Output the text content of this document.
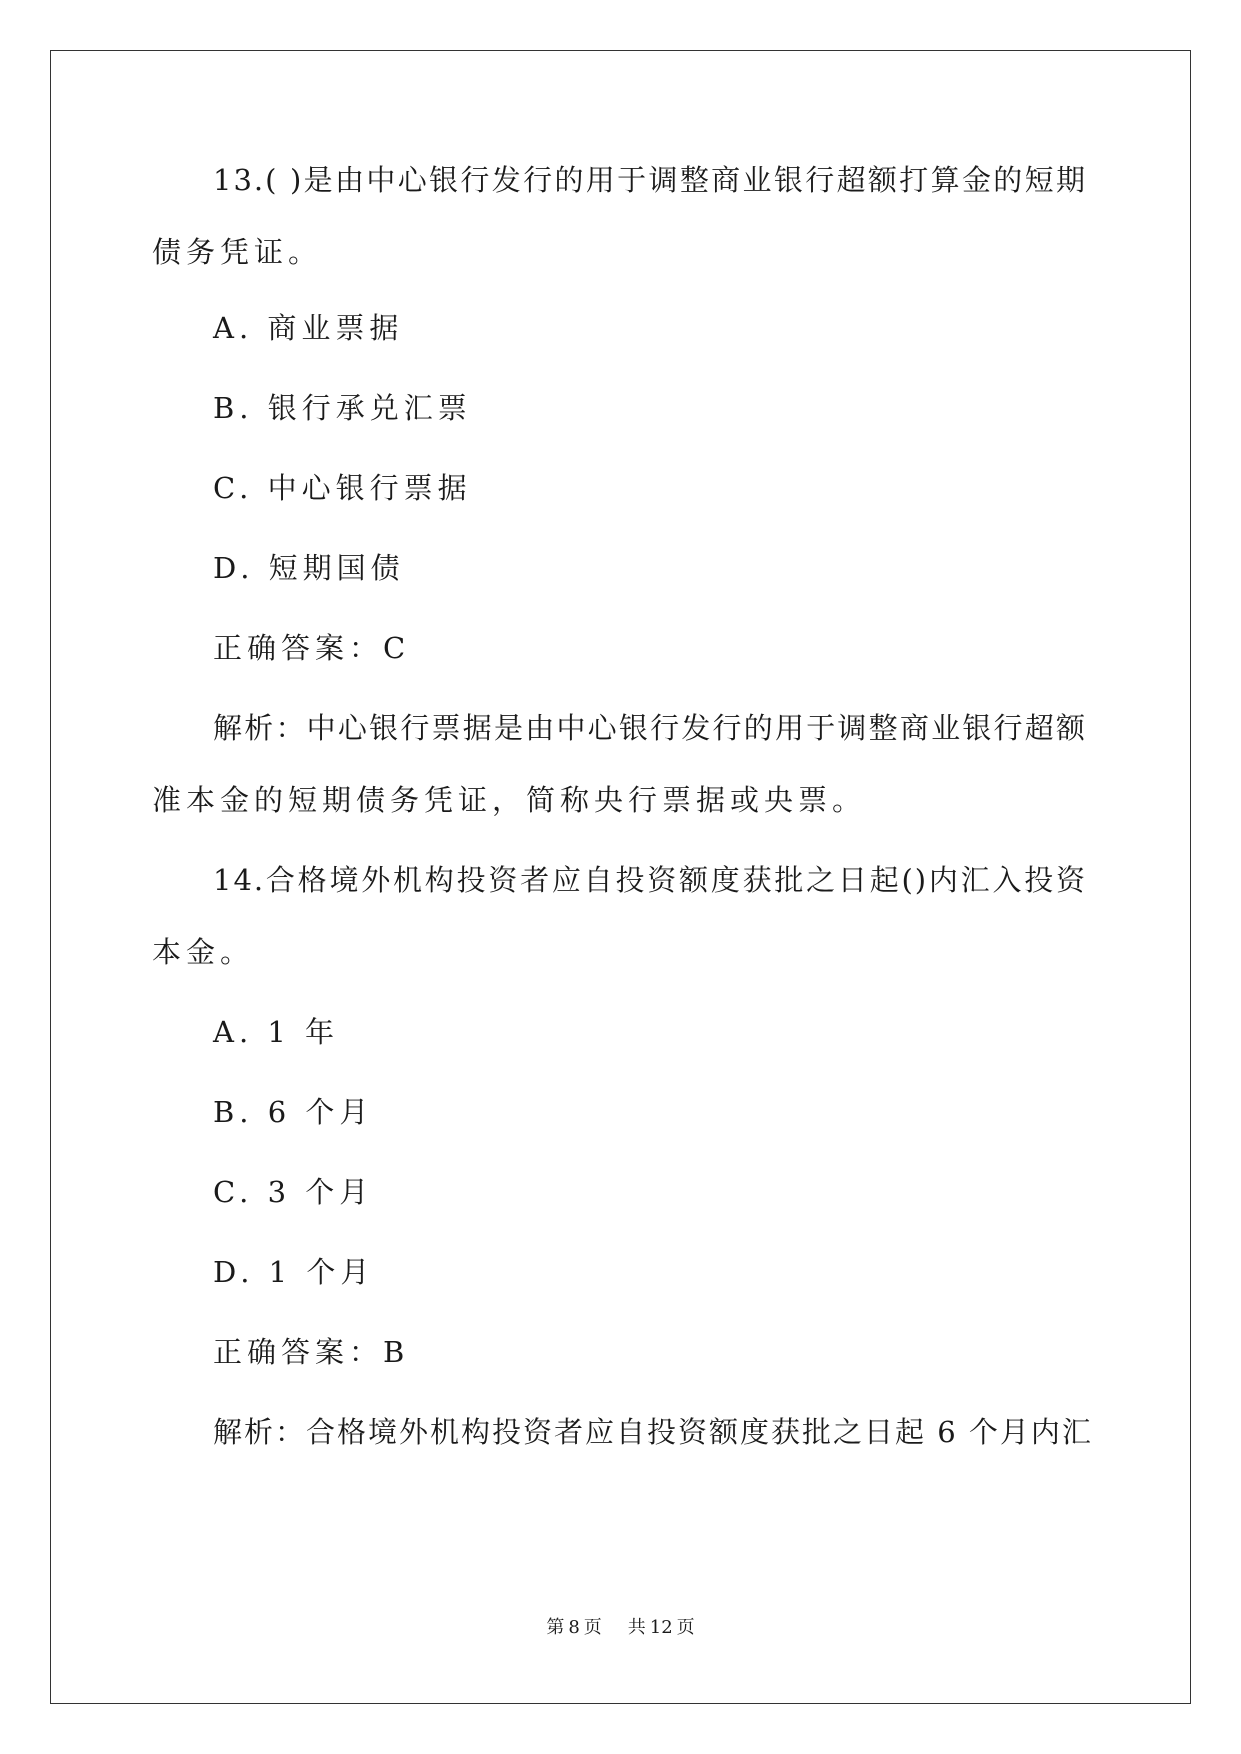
13.( )是由中心银行发行的用于调整商业银行超额打算金的短期
债务凭证。
A. 商业票据
B. 银行承兑汇票
C. 中心银行票据
D. 短期国债
正确答案：C
解析：中心银行票据是由中心银行发行的用于调整商业银行超额
准本金的短期债务凭证，简称央行票据或央票。
14.合格境外机构投资者应自投资额度获批之日起()内汇入投资
本金。
A. 1 年
B. 6 个月
C. 3 个月
D. 1 个月
正确答案：B
解析：合格境外机构投资者应自投资额度获批之日起 6 个月内汇
第 8 页 共 12 页
